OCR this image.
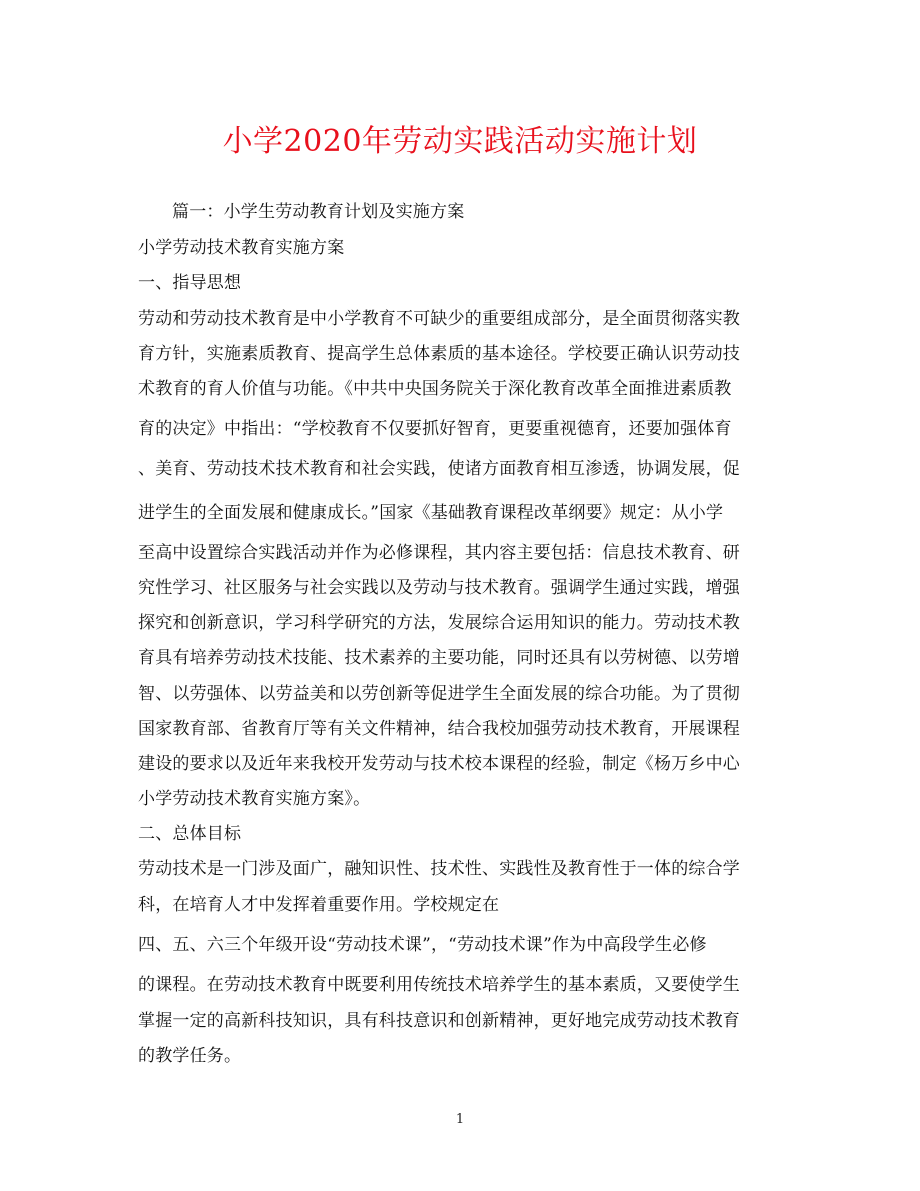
小学2020年劳动实践活动实施计划
篇一：小学生劳动教育计划及实施方案
小学劳动技术教育实施方案
一、指导思想
劳动和劳动技术教育是中小学教育不可缺少的重要组成部分，是全面贯彻落实教
育方针，实施素质教育、提高学生总体素质的基本途径。学校要正确认识劳动技
术教育的育人价值与功能。《中共中央国务院关于深化教育改革全面推进素质教
育的决定》中指出：“学校教育不仅要抓好智育，更要重视德育，还要加强体育
、美育、劳动技术技术教育和社会实践，使诸方面教育相互渗透，协调发展，促
进学生的全面发展和健康成长。”国家《基础教育课程改革纲要》规定：从小学
至高中设置综合实践活动并作为必修课程，其内容主要包括：信息技术教育、研
究性学习、社区服务与社会实践以及劳动与技术教育。强调学生通过实践，增强
探究和创新意识，学习科学研究的方法，发展综合运用知识的能力。劳动技术教
育具有培养劳动技术技能、技术素养的主要功能，同时还具有以劳树德、以劳增
智、以劳强体、以劳益美和以劳创新等促进学生全面发展的综合功能。为了贯彻
国家教育部、省教育厅等有关文件精神，结合我校加强劳动技术教育，开展课程
建设的要求以及近年来我校开发劳动与技术校本课程的经验，制定《杨万乡中心
小学劳动技术教育实施方案》。
二、总体目标
劳动技术是一门涉及面广，融知识性、技术性、实践性及教育性于一体的综合学
科，在培育人才中发挥着重要作用。学校规定在
四、五、六三个年级开设“劳动技术课”，“劳动技术课”作为中高段学生必修
的课程。在劳动技术教育中既要利用传统技术培养学生的基本素质，又要使学生
掌握一定的高新科技知识，具有科技意识和创新精神，更好地完成劳动技术教育
的教学任务。
1
